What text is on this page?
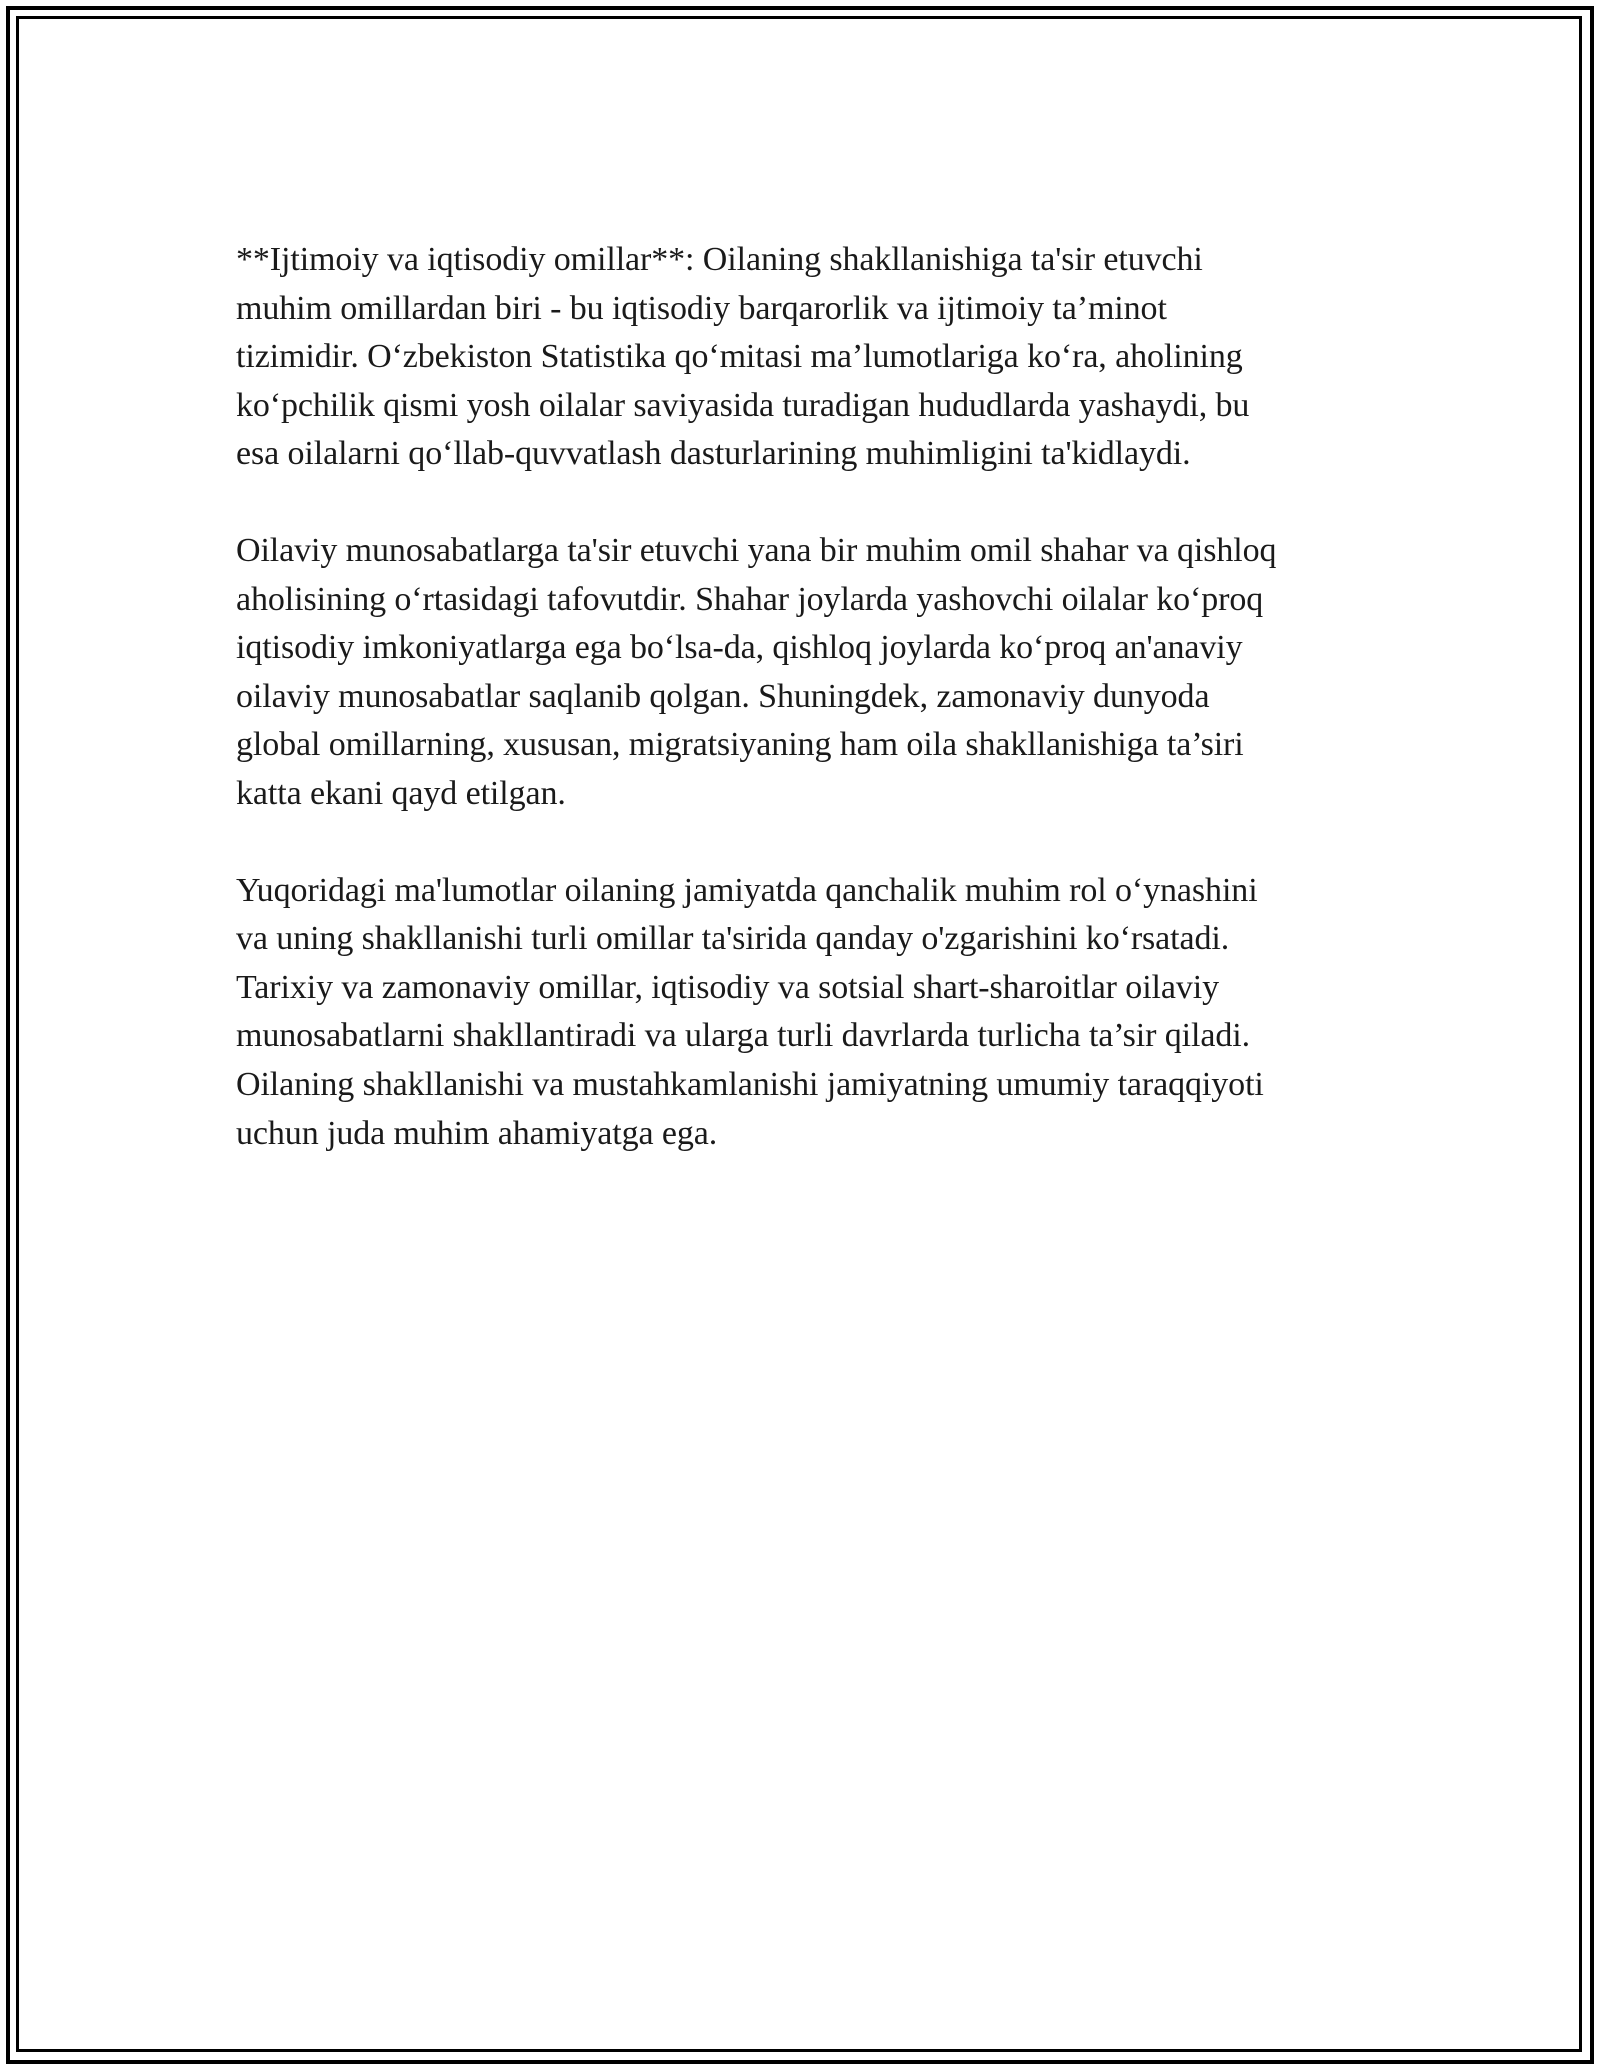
**Ijtimoiy va iqtisodiy omillar**: Oilaning shakllanishiga ta'sir etuvchi
muhim omillardan biri - bu iqtisodiy barqarorlik va ijtimoiy ta’minot
tizimidir. O‘zbekiston Statistika qo‘mitasi ma’lumotlariga ko‘ra, aholining
ko‘pchilik qismi yosh oilalar saviyasida turadigan hududlarda yashaydi, bu
esa oilalarni qo‘llab-quvvatlash dasturlarining muhimligini ta'kidlaydi.

Oilaviy munosabatlarga ta'sir etuvchi yana bir muhim omil shahar va qishloq
aholisining o‘rtasidagi tafovutdir. Shahar joylarda yashovchi oilalar ko‘proq
iqtisodiy imkoniyatlarga ega bo‘lsa-da, qishloq joylarda ko‘proq an'anaviy
oilaviy munosabatlar saqlanib qolgan. Shuningdek, zamonaviy dunyoda
global omillarning, xususan, migratsiyaning ham oila shakllanishiga ta’siri
katta ekani qayd etilgan.

Yuqoridagi ma'lumotlar oilaning jamiyatda qanchalik muhim rol o‘ynashini
va uning shakllanishi turli omillar ta'sirida qanday o'zgarishini ko‘rsatadi.
Tarixiy va zamonaviy omillar, iqtisodiy va sotsial shart-sharoitlar oilaviy
munosabatlarni shakllantiradi va ularga turli davrlarda turlicha ta’sir qiladi.
Oilaning shakllanishi va mustahkamlanishi jamiyatning umumiy taraqqiyoti
uchun juda muhim ahamiyatga ega.
